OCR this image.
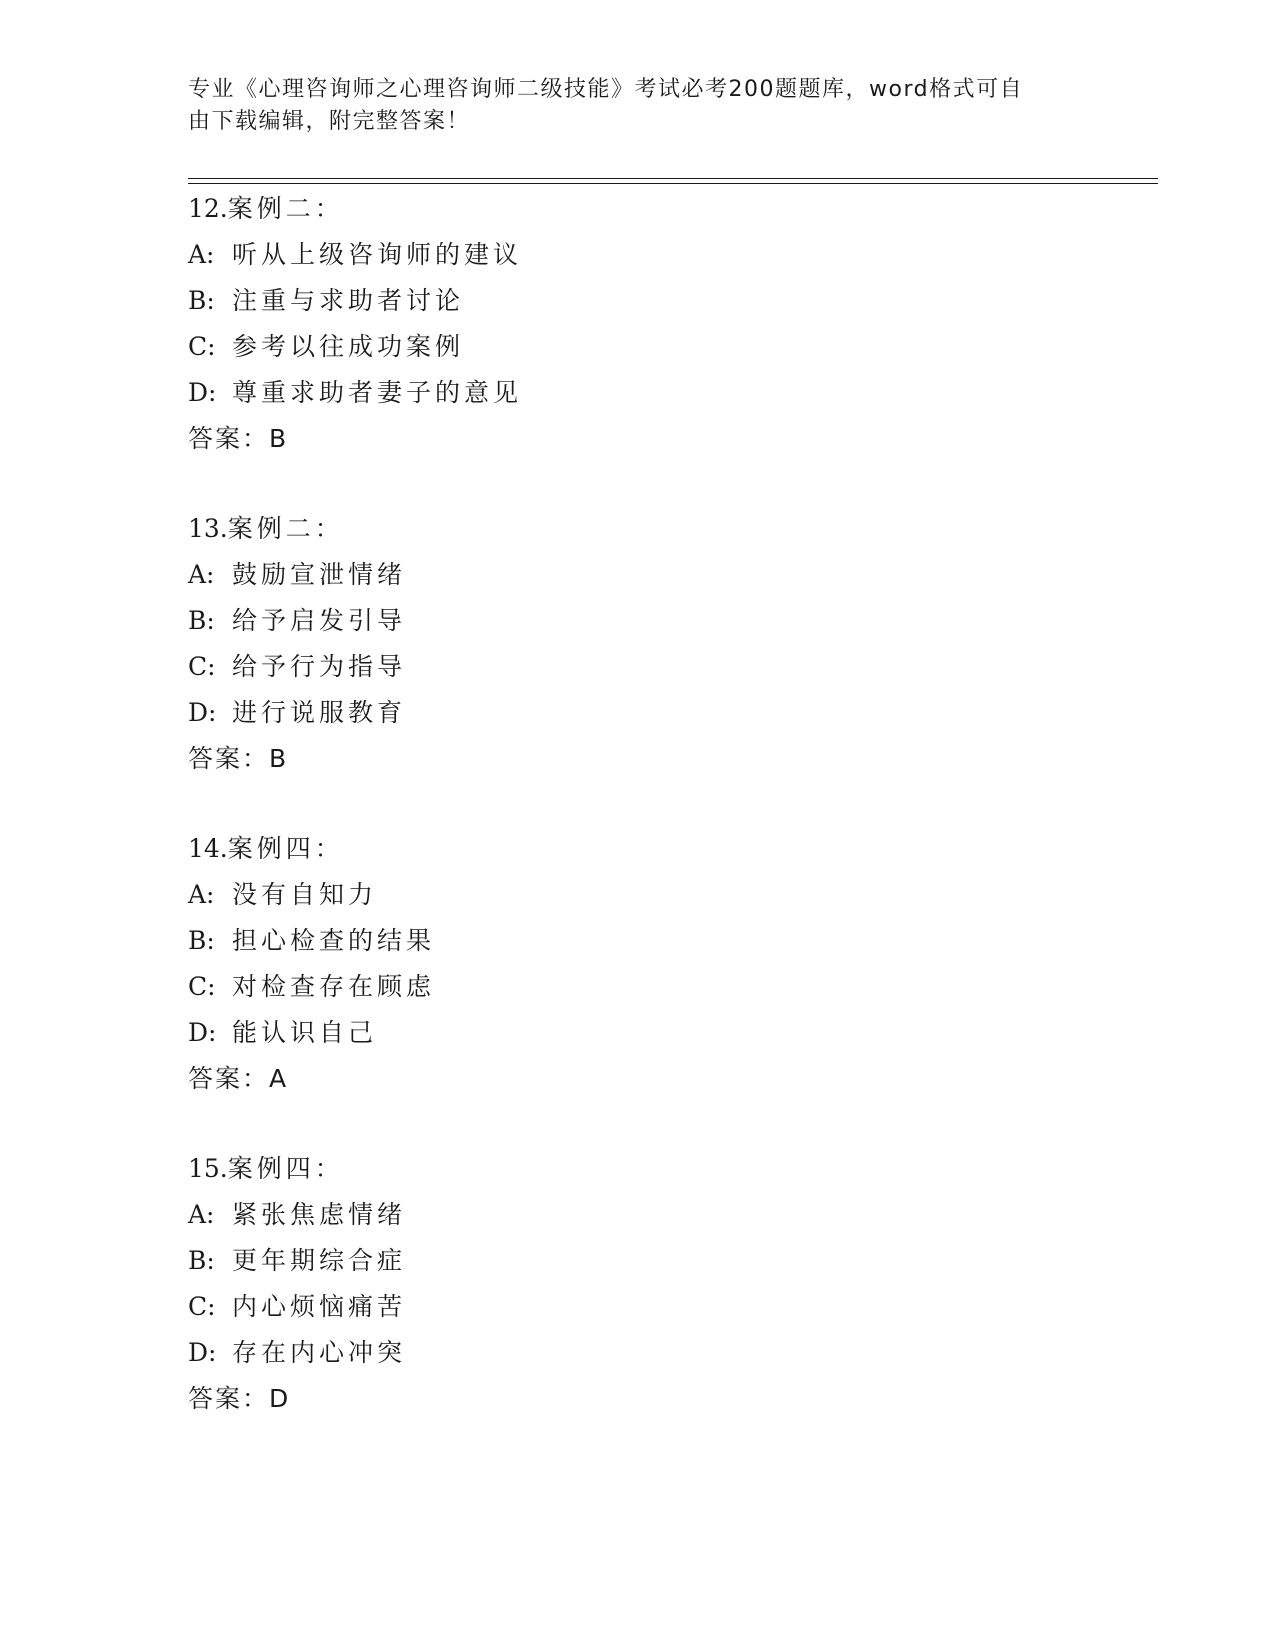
专业《心理咨询师之心理咨询师二级技能》考试必考200题题库，word格式可自
由下载编辑，附完整答案！
12.案例二：
A: 听从上级咨询师的建议
B: 注重与求助者讨论
C: 参考以往成功案例
D: 尊重求助者妻子的意见
答案：B
13.案例二：
A: 鼓励宣泄情绪
B: 给予启发引导
C: 给予行为指导
D: 进行说服教育
答案：B
14.案例四：
A: 没有自知力
B: 担心检查的结果
C: 对检查存在顾虑
D: 能认识自己
答案：A
15.案例四：
A: 紧张焦虑情绪
B: 更年期综合症
C: 内心烦恼痛苦
D: 存在内心冲突
答案：D
